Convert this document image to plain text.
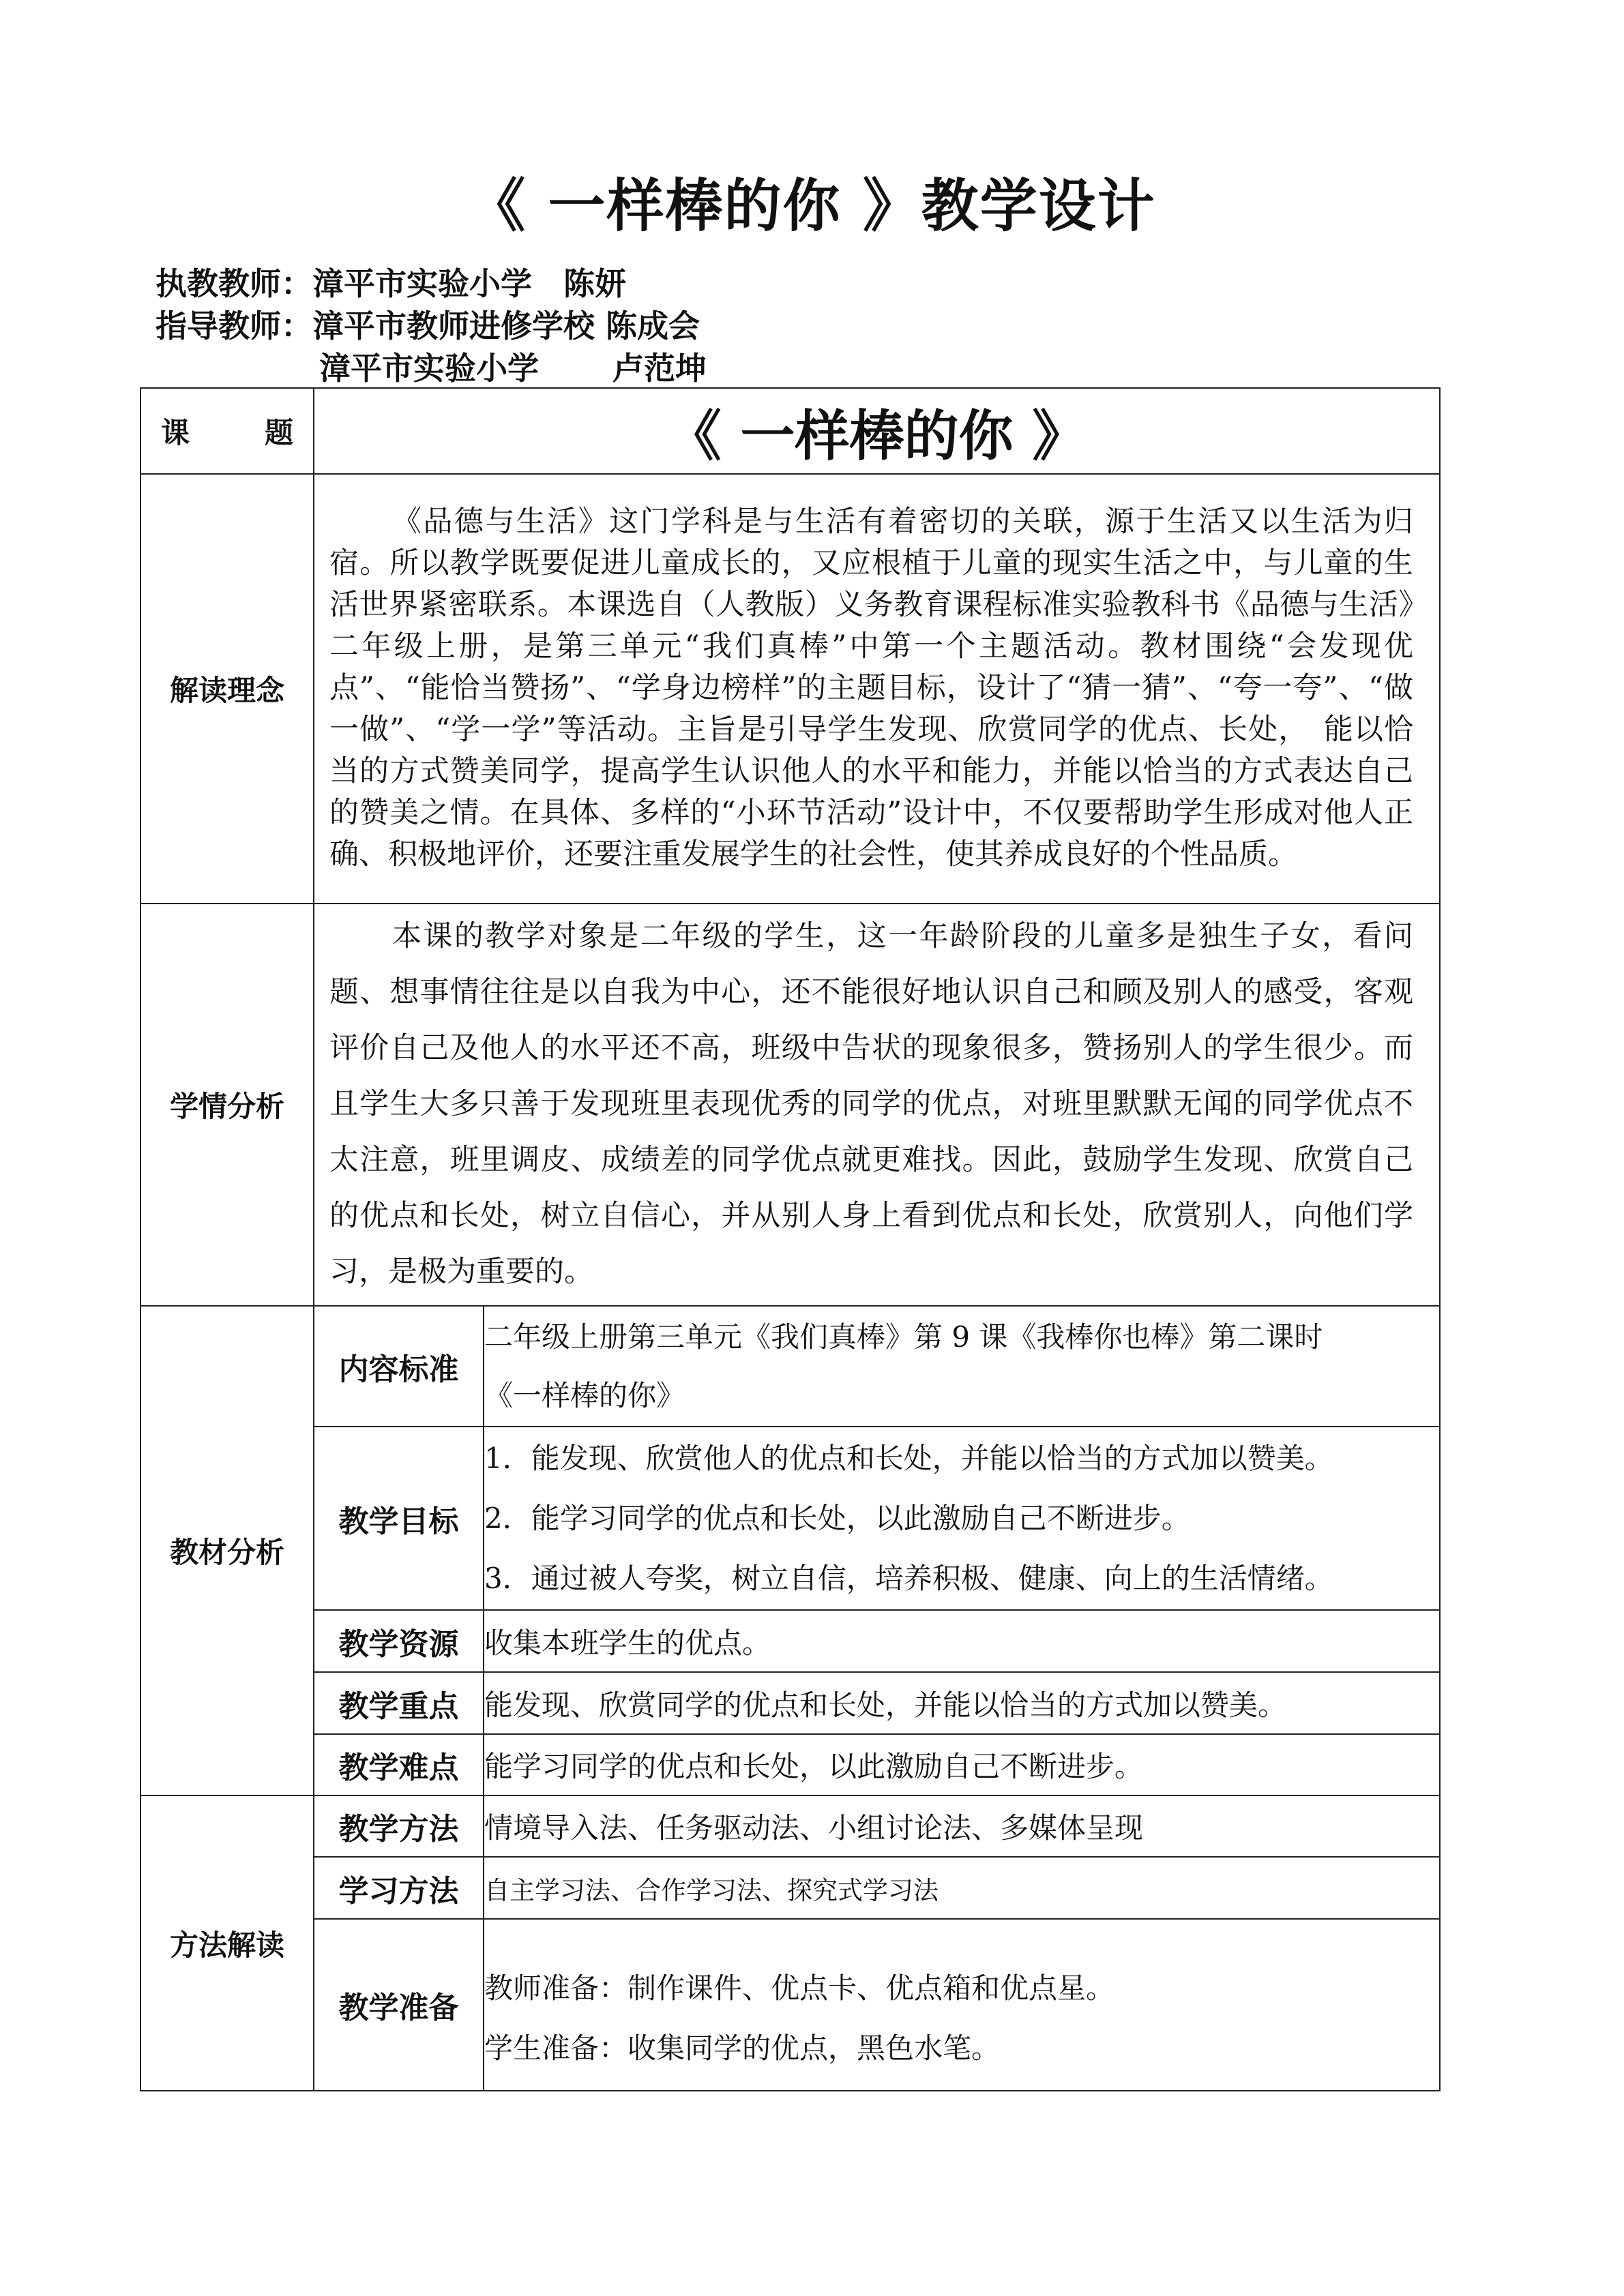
《 一样棒的你 》教学设计
执教教师：漳平市实验小学　陈妍
指导教师：漳平市教师进修学校 陈成会
漳平市实验小学　　 卢范坤
课 题	《 一样棒的你 》	
解读理念	《品德与生活》这门学科是与生活有着密切的关联，源于生活又以生活为归宿。所以教学既要促进儿童成长的，又应根植于儿童的现实生活之中，与儿童的生活世界紧密联系。本课选自（人教版）义务教育课程标准实验教科书《品德与生活》二年级上册，是第三单元“我们真棒”中第一个主题活动。教材围绕“会发现优点”、“能恰当赞扬”、“学身边榜样”的主题目标，设计了“猜一猜”、“夸一夸”、“做一做”、“学一学”等活动。主旨是引导学生发现、欣赏同学的优点、长处，　能以恰当的方式赞美同学，提高学生认识他人的水平和能力，并能以恰当的方式表达自己的赞美之情。在具体、多样的“小环节活动”设计中，不仅要帮助学生形成对他人正确、积极地评价，还要注重发展学生的社会性，使其养成良好的个性品质。	

学情分析	本课的教学对象是二年级的学生，这一年龄阶段的儿童多是独生子女，看问题、想事情往往是以自我为中心，还不能很好地认识自己和顾及别人的感受，客观评价自己及他人的水平还不高，班级中告状的现象很多，赞扬别人的学生很少。而且学生大多只善于发现班里表现优秀的同学的优点，对班里默默无闻的同学优点不太注意，班里调皮、成绩差的同学优点就更难找。因此，鼓励学生发现、欣赏自己的优点和长处，树立自信心，并从别人身上看到优点和长处，欣赏别人，向他们学习，是极为重要的。	

教材分析	内容标准	二年级上册第三单元《我们真棒》第 9 课《我棒你也棒》第二课时
《一样棒的你》

	教学目标	1．能发现、欣赏他人的优点和长处，并能以恰当的方式加以赞美。
2．能学习同学的优点和长处，以此激励自己不断进步。
3．通过被人夸奖，树立自信，培养积极、健康、向上的生活情绪。

	教学资源	收集本班学生的优点。
	教学重点	能发现、欣赏同学的优点和长处，并能以恰当的方式加以赞美。
	教学难点	能学习同学的优点和长处，以此激励自己不断进步。
方法解读	教学方法	情境导入法、任务驱动法、小组讨论法、多媒体呈现
	学习方法	自主学习法、合作学习法、探究式学习法
	教学准备	教师准备：制作课件、优点卡、优点箱和优点星。
学生准备：收集同学的优点，黑色水笔。
